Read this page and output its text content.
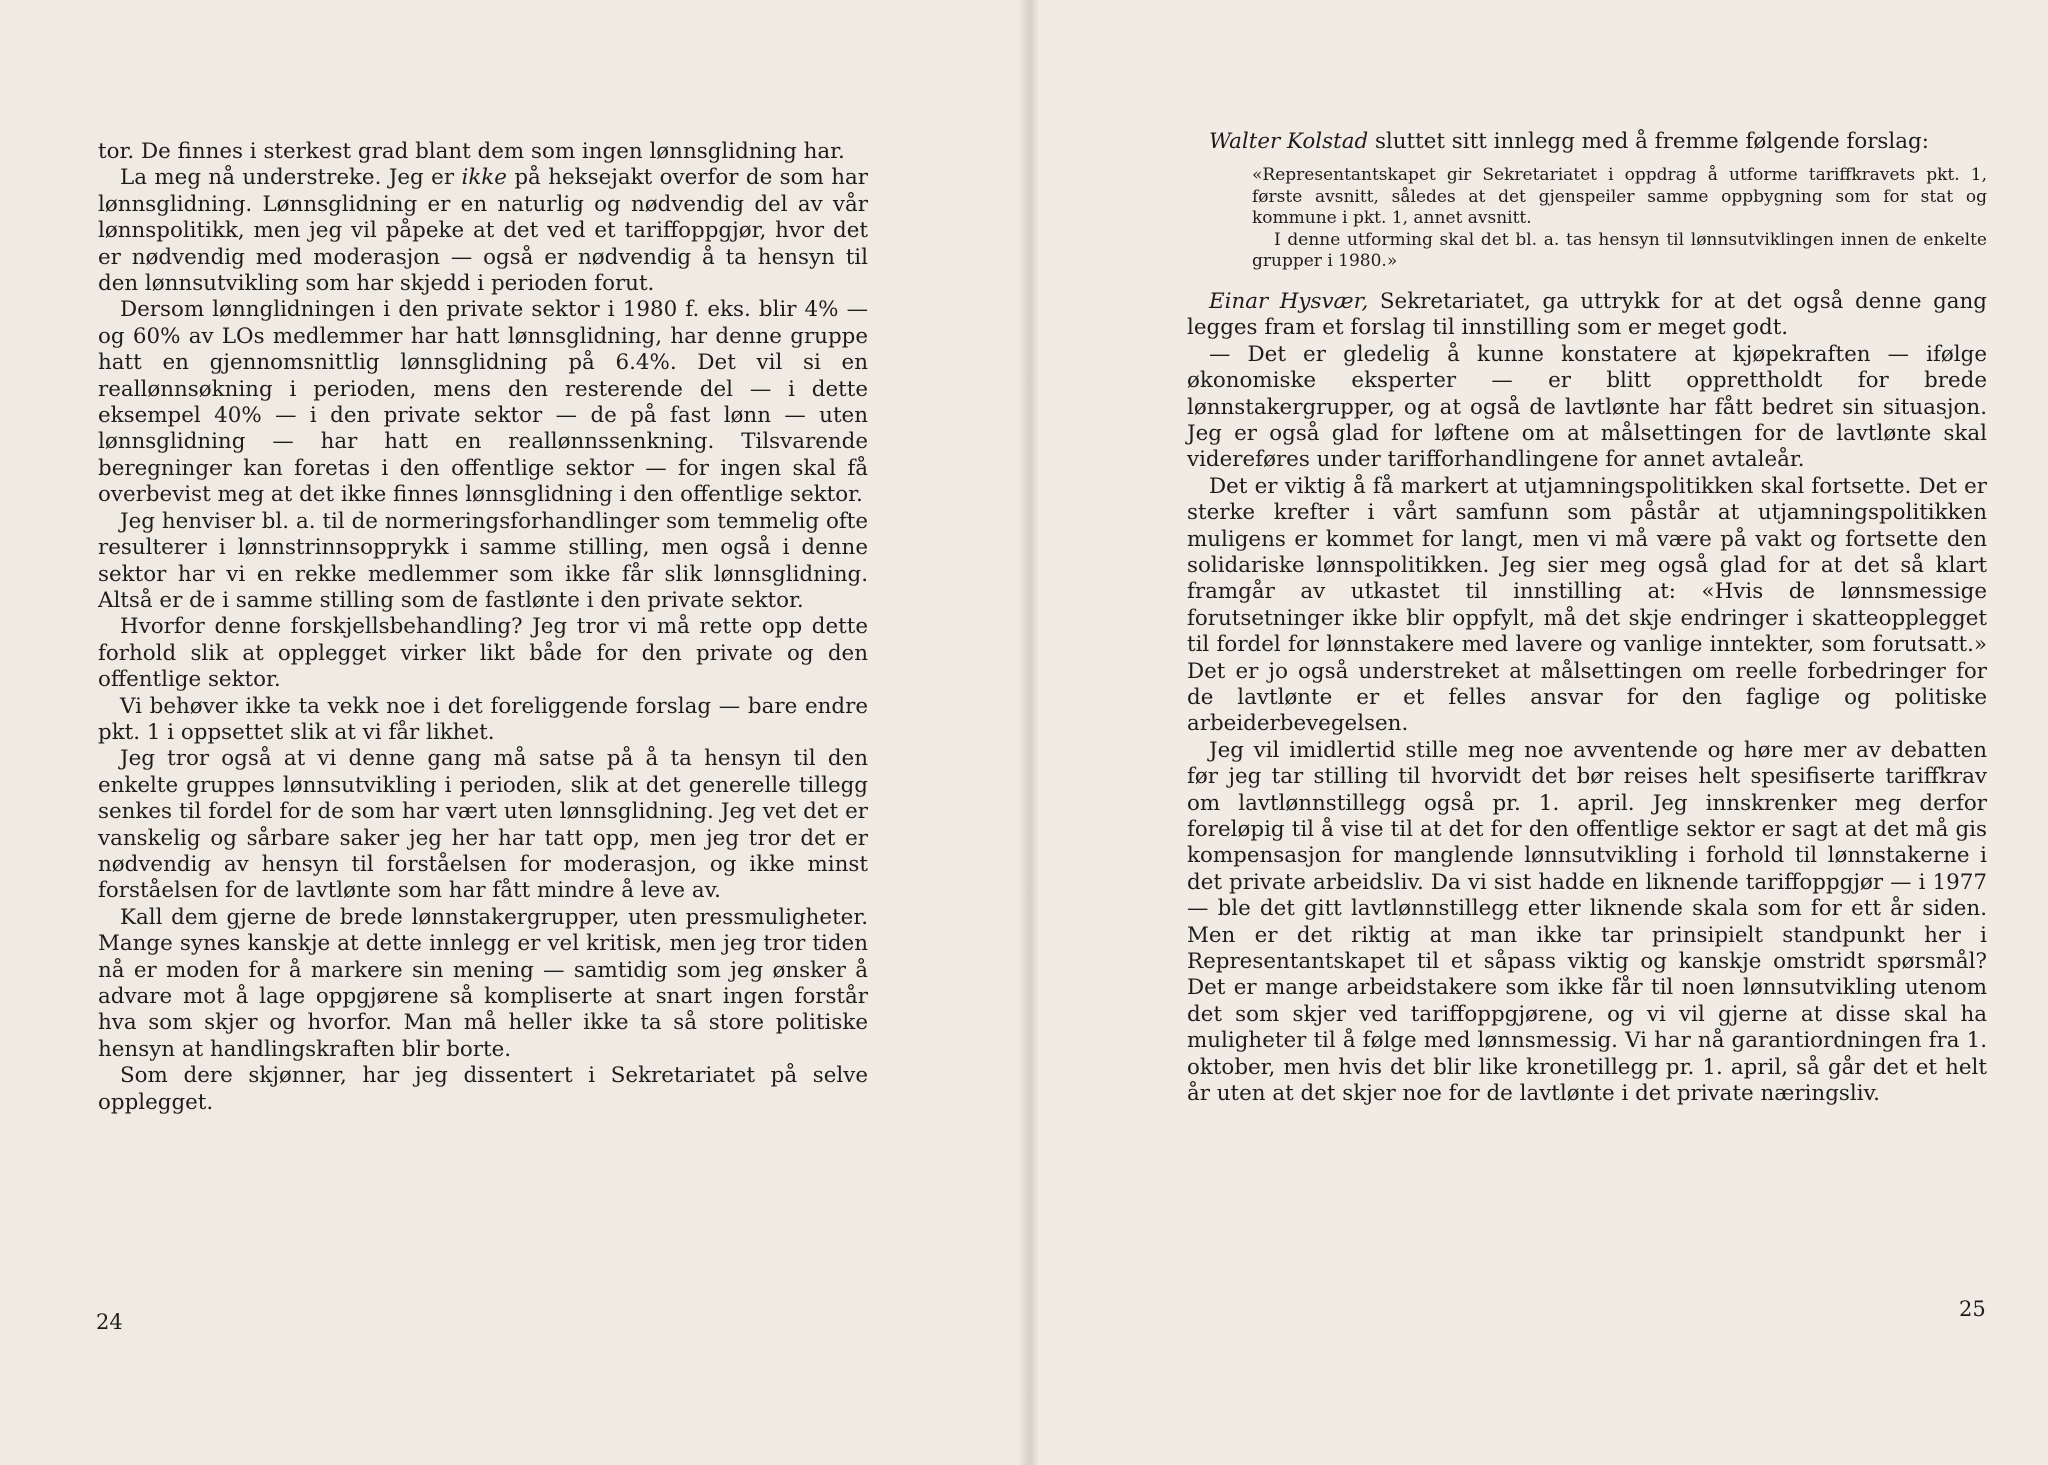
tor. De finnes i sterkest grad blant dem som ingen lønnsglidning har.

La meg nå understreke. Jeg er ikke på heksejakt overfor de som har lønnsglidning. Lønnsglidning er en naturlig og nødvendig del av vår lønnspolitikk, men jeg vil påpeke at det ved et tariffoppgjør, hvor det er nødvendig med moderasjon — også er nødvendig å ta hensyn til den lønnsutvikling som har skjedd i perioden forut.

Dersom lønnglidningen i den private sektor i 1980 f. eks. blir 4% — og 60% av LOs medlemmer har hatt lønnsglidning, har denne gruppe hatt en gjennomsnittlig lønnsglidning på 6.4%. Det vil si en reallønnsøkning i perioden, mens den resterende del — i dette eksempel 40% — i den private sektor — de på fast lønn — uten lønnsglidning — har hatt en reallønnssenkning. Tilsvarende beregninger kan foretas i den offentlige sektor — for ingen skal få overbevist meg at det ikke finnes lønnsglidning i den offentlige sektor.

Jeg henviser bl. a. til de normeringsforhandlinger som temmelig ofte resulterer i lønnstrinnsopprykk i samme stilling, men også i denne sektor har vi en rekke medlemmer som ikke får slik lønnsglidning. Altså er de i samme stilling som de fastlønte i den private sektor.

Hvorfor denne forskjellsbehandling? Jeg tror vi må rette opp dette forhold slik at opplegget virker likt både for den private og den offentlige sektor.

Vi behøver ikke ta vekk noe i det foreliggende forslag — bare endre pkt. 1 i oppsettet slik at vi får likhet.

Jeg tror også at vi denne gang må satse på å ta hensyn til den enkelte gruppes lønnsutvikling i perioden, slik at det generelle tillegg senkes til fordel for de som har vært uten lønnsglidning. Jeg vet det er vanskelig og sårbare saker jeg her har tatt opp, men jeg tror det er nødvendig av hensyn til forståelsen for moderasjon, og ikke minst forståelsen for de lavtlønte som har fått mindre å leve av.

Kall dem gjerne de brede lønnstakergrupper, uten pressmuligheter. Mange synes kanskje at dette innlegg er vel kritisk, men jeg tror tiden nå er moden for å markere sin mening — samtidig som jeg ønsker å advare mot å lage oppgjørene så kompliserte at snart ingen forstår hva som skjer og hvorfor. Man må heller ikke ta så store politiske hensyn at handlingskraften blir borte.

Som dere skjønner, har jeg dissentert i Sekretariatet på selve opplegget.

24

Walter Kolstad sluttet sitt innlegg med å fremme følgende forslag:

«Representantskapet gir Sekretariatet i oppdrag å utforme tariffkravets pkt. 1, første avsnitt, således at det gjenspeiler samme oppbygning som for stat og kommune i pkt. 1, annet avsnitt.

I denne utforming skal det bl. a. tas hensyn til lønnsutviklingen innen de enkelte grupper i 1980.»

Einar Hysvær, Sekretariatet, ga uttrykk for at det også denne gang legges fram et forslag til innstilling som er meget godt.

— Det er gledelig å kunne konstatere at kjøpekraften — ifølge økonomiske eksperter — er blitt opprettholdt for brede lønnstakergrupper, og at også de lavtlønte har fått bedret sin situasjon. Jeg er også glad for løftene om at målsettingen for de lavtlønte skal videreføres under tarifforhandlingene for annet avtaleår.

Det er viktig å få markert at utjamningspolitikken skal fortsette. Det er sterke krefter i vårt samfunn som påstår at utjamningspolitikken muligens er kommet for langt, men vi må være på vakt og fortsette den solidariske lønnspolitikken. Jeg sier meg også glad for at det så klart framgår av utkastet til innstilling at: «Hvis de lønnsmessige forutsetninger ikke blir oppfylt, må det skje endringer i skatteopplegget til fordel for lønnstakere med lavere og vanlige inntekter, som forutsatt.» Det er jo også understreket at målsettingen om reelle forbedringer for de lavtlønte er et felles ansvar for den faglige og politiske arbeiderbevegelsen.

Jeg vil imidlertid stille meg noe avventende og høre mer av debatten før jeg tar stilling til hvorvidt det bør reises helt spesifiserte tariffkrav om lavtlønnstillegg også pr. 1. april. Jeg innskrenker meg derfor foreløpig til å vise til at det for den offentlige sektor er sagt at det må gis kompensasjon for manglende lønnsutvikling i forhold til lønnstakerne i det private arbeidsliv. Da vi sist hadde en liknende tariffoppgjør — i 1977 — ble det gitt lavtlønnstillegg etter liknende skala som for ett år siden. Men er det riktig at man ikke tar prinsipielt standpunkt her i Representantskapet til et såpass viktig og kanskje omstridt spørsmål? Det er mange arbeidstakere som ikke får til noen lønnsutvikling utenom det som skjer ved tariffoppgjørene, og vi vil gjerne at disse skal ha muligheter til å følge med lønnsmessig. Vi har nå garantiordningen fra 1. oktober, men hvis det blir like kronetillegg pr. 1. april, så går det et helt år uten at det skjer noe for de lavtlønte i det private næringsliv.

25
